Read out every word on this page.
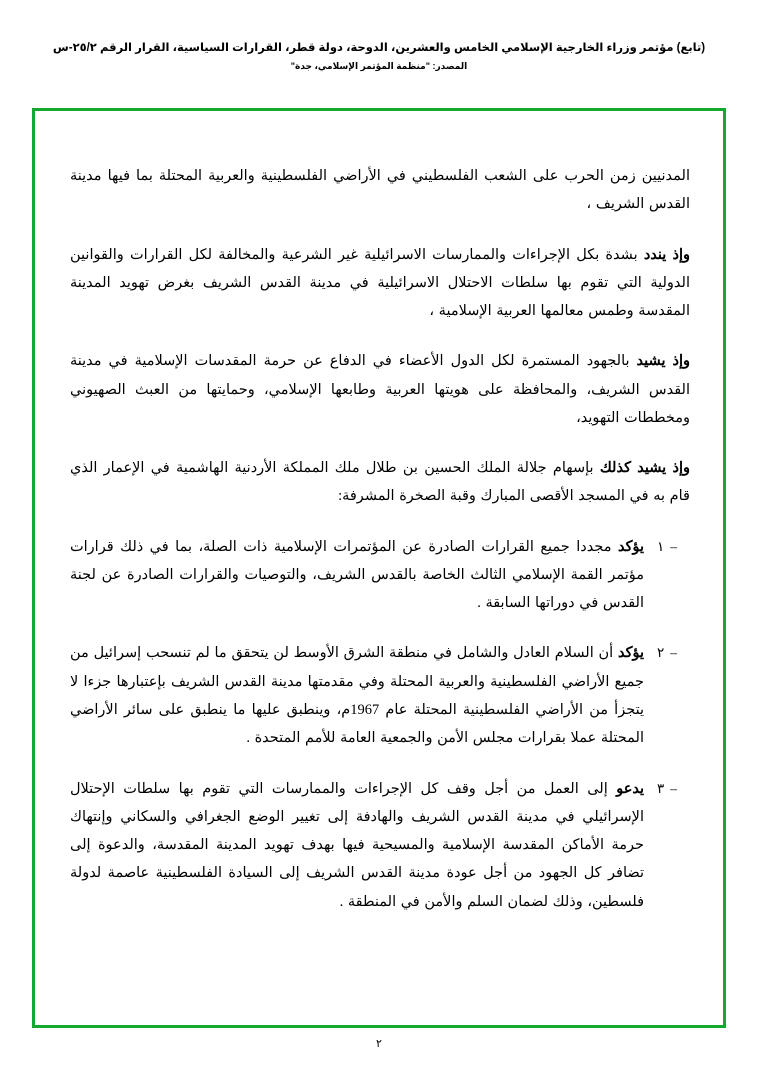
(تابع) مؤتمر وزراء الخارجية الإسلامي الخامس والعشرين، الدوحة، دولة قطر، القرارات السياسية، القرار الرقم ٢٥/٢-س
المصدر: "منظمة المؤتمر الإسلامي، جدة"

المدنيين زمن الحرب على الشعب الفلسطيني في الأراضي الفلسطينية والعربية المحتلة بما فيها مدينة القدس الشريف ،

وإذ يندد بشدة بكل الإجراءات والممارسات الاسرائيلية غير الشرعية والمخالفة لكل القرارات والقوانين الدولية التي تقوم بها سلطات الاحتلال الاسرائيلية في مدينة القدس الشريف بغرض تهويد المدينة المقدسة وطمس معالمها العربية الإسلامية ،

وإذ يشيد بالجهود المستمرة لكل الدول الأعضاء في الدفاع عن حرمة المقدسات الإسلامية في مدينة القدس الشريف، والمحافظة على هويتها العربية وطابعها الإسلامي، وحمايتها من العبث الصهيوني ومخططات التهويد،

وإذ يشيد كذلك بإسهام جلالة الملك الحسين بن طلال ملك المملكة الأردنية الهاشمية في الإعمار الذي قام به في المسجد الأقصى المبارك وقبة الصخرة المشرفة:

–١
يؤكد مجددا جميع القرارات الصادرة عن المؤتمرات الإسلامية ذات الصلة، بما في ذلك قرارات مؤتمر القمة الإسلامي الثالث الخاصة بالقدس الشريف، والتوصيات والقرارات الصادرة عن لجنة القدس في دوراتها السابقة .
–٢
يؤكد أن السلام العادل والشامل في منطقة الشرق الأوسط لن يتحقق ما لم تنسحب إسرائيل من جميع الأراضي الفلسطينية والعربية المحتلة وفي مقدمتها مدينة القدس الشريف بإعتبارها جزءا لا يتجزأ من الأراضي الفلسطينية المحتلة عام 1967م، وينطبق عليها ما ينطبق على سائر الأراضي المحتلة عملا بقرارات مجلس الأمن والجمعية العامة للأمم المتحدة .
–٣
يدعو إلى العمل من أجل وقف كل الإجراءات والممارسات التي تقوم بها سلطات الإحتلال الإسرائيلي في مدينة القدس الشريف والهادفة إلى تغيير الوضع الجغرافي والسكاني وإنتهاك حرمة الأماكن المقدسة الإسلامية والمسيحية فيها بهدف تهويد المدينة المقدسة، والدعوة إلى تضافر كل الجهود من أجل عودة مدينة القدس الشريف إلى السيادة الفلسطينية عاصمة لدولة فلسطين، وذلك لضمان السلم والأمن في المنطقة .
٢
